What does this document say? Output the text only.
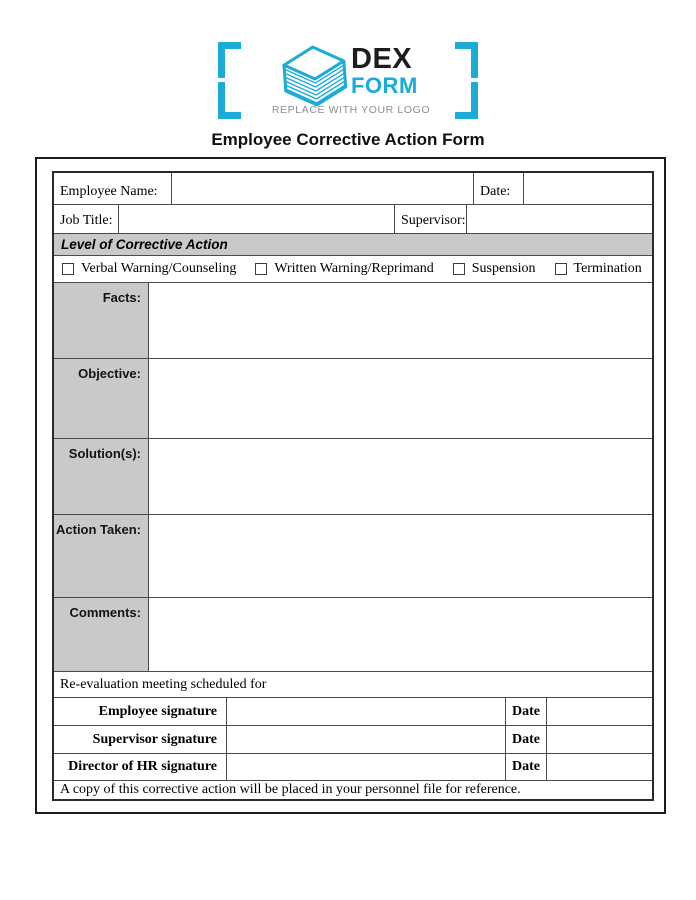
DEX
FORM
REPLACE WITH YOUR LOGO
Employee Corrective Action Form
Employee Name:	Date:
Job Title:	Supervisor:
Level of Corrective Action
Verbal Warning/Counseling	Written Warning/Reprimand	Suspension	Termination
Facts:
Objective:
Solution(s):
Action Taken:
Comments:
Re-evaluation meeting scheduled for
Employee signature	Date
Supervisor signature	Date
Director of HR signature	Date
A copy of this corrective action will be placed in your personnel file for reference.
